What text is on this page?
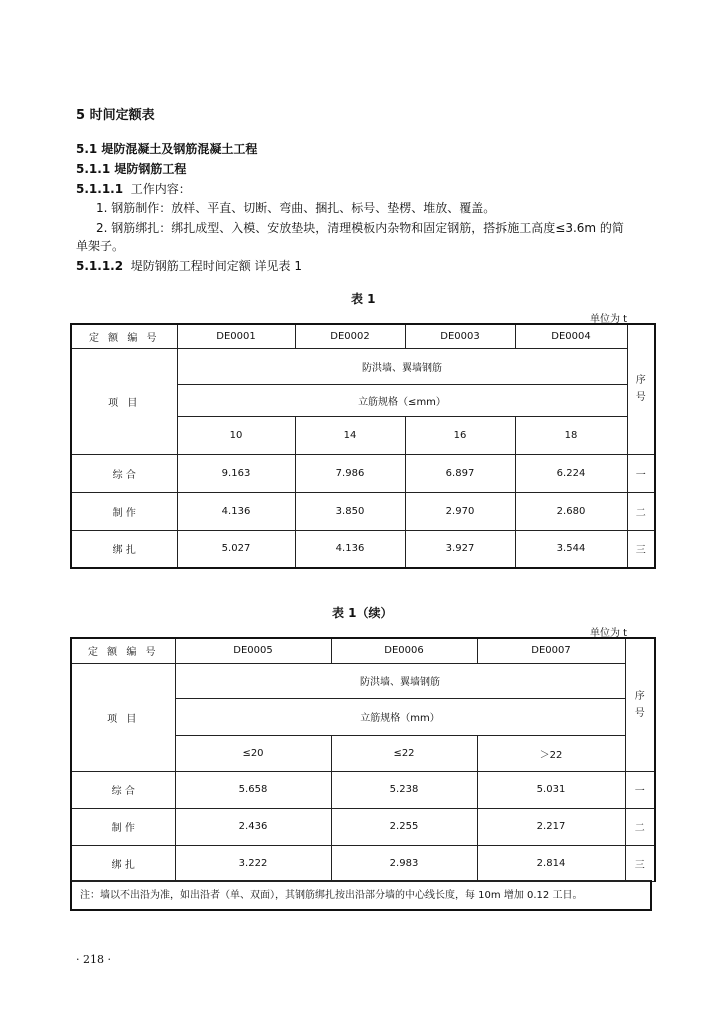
5 时间定额表
5.1 堤防混凝土及钢筋混凝土工程
5.1.1 堤防钢筋工程
5.1.1.1 工作内容：
1. 钢筋制作：放样、平直、切断、弯曲、捆扎、标号、垫楞、堆放、覆盖。
2. 钢筋绑扎：绑扎成型、入模、安放垫块，清理模板内杂物和固定钢筋，搭拆施工高度≤3.6m 的简
单架子。
5.1.1.2 堤防钢筋工程时间定额 详见表 1
表 1
单位为 t
定 额 编 号	DE0001	DE0002	DE0003	DE0004	序
号
项 目	防洪墙、翼墙钢筋				
	立筋规格（≤mm）				
	10	14	16	18	
综 合	9.163	7.986	6.897	6.224	一
制 作	4.136	3.850	2.970	2.680	二
绑 扎	5.027	4.136	3.927	3.544	三
表 1（续）
单位为 t
定 额 编 号	DE0005	DE0006	DE0007	序
号
项 目	防洪墙、翼墙钢筋			
	立筋规格（mm）			
	≤20	≤22	＞22	
综 合	5.658	5.238	5.031	一
制 作	2.436	2.255	2.217	二
绑 扎	3.222	2.983	2.814	三
注：墙以不出沿为准，如出沿者（单、双面），其钢筋绑扎按出沿部分墙的中心线长度，每 10m 增加 0.12 工日。
· 218 ·
